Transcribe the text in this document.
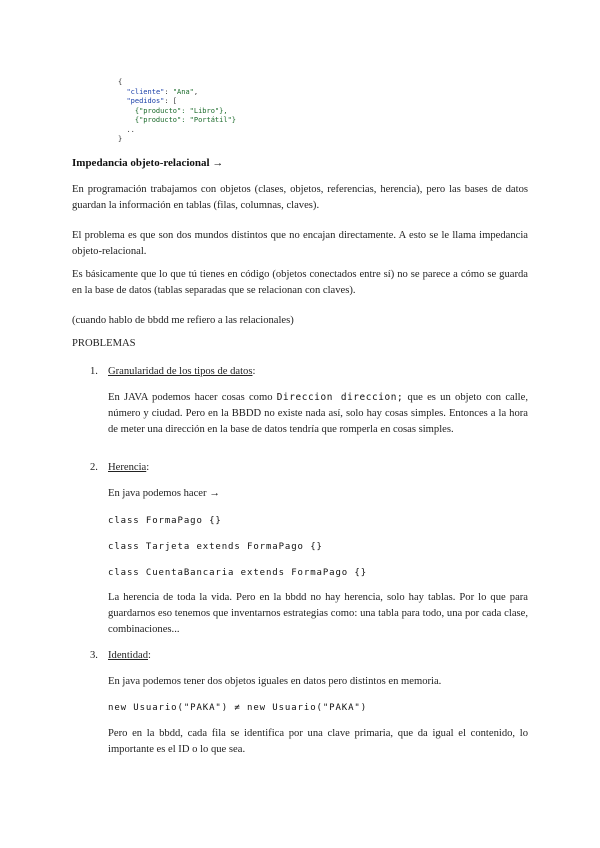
{
"cliente": "Ana",
"pedidos": [
{"producto": "Libro"},
{"producto": "Portátil"}
..
}
Impedancia objeto-relacional →

En programación trabajamos con objetos (clases, objetos, referencias, herencia), pero las bases de datos guardan la información en tablas (filas, columnas, claves).

El problema es que son dos mundos distintos que no encajan directamente. A esto se le llama impedancia objeto-relacional.

Es básicamente que lo que tú tienes en código (objetos conectados entre sí) no se parece a cómo se guarda en la base de datos (tablas separadas que se relacionan con claves).

(cuando hablo de bbdd me refiero a las relacionales)

PROBLEMAS

1. Granularidad de los tipos de datos:

En JAVA podemos hacer cosas como Direccion direccion; que es un objeto con calle, número y ciudad. Pero en la BBDD no existe nada así, solo hay cosas simples. Entonces a la hora de meter una dirección en la base de datos tendría que romperla en cosas simples.

2. Herencia:

En java podemos hacer →

class FormaPago {}
class Tarjeta extends FormaPago {}
class CuentaBancaria extends FormaPago {}

La herencia de toda la vida. Pero en la bbdd no hay herencia, solo hay tablas. Por lo que para guardarnos eso tenemos que inventarnos estrategias como: una tabla para todo, una por cada clase, combinaciones...

3. Identidad:

En java podemos tener dos objetos iguales en datos pero distintos en memoria.

new Usuario("PAKA") ≠ new Usuario("PAKA")

Pero en la bbdd, cada fila se identifica por una clave primaria, que da igual el contenido, lo importante es el ID o lo que sea.
